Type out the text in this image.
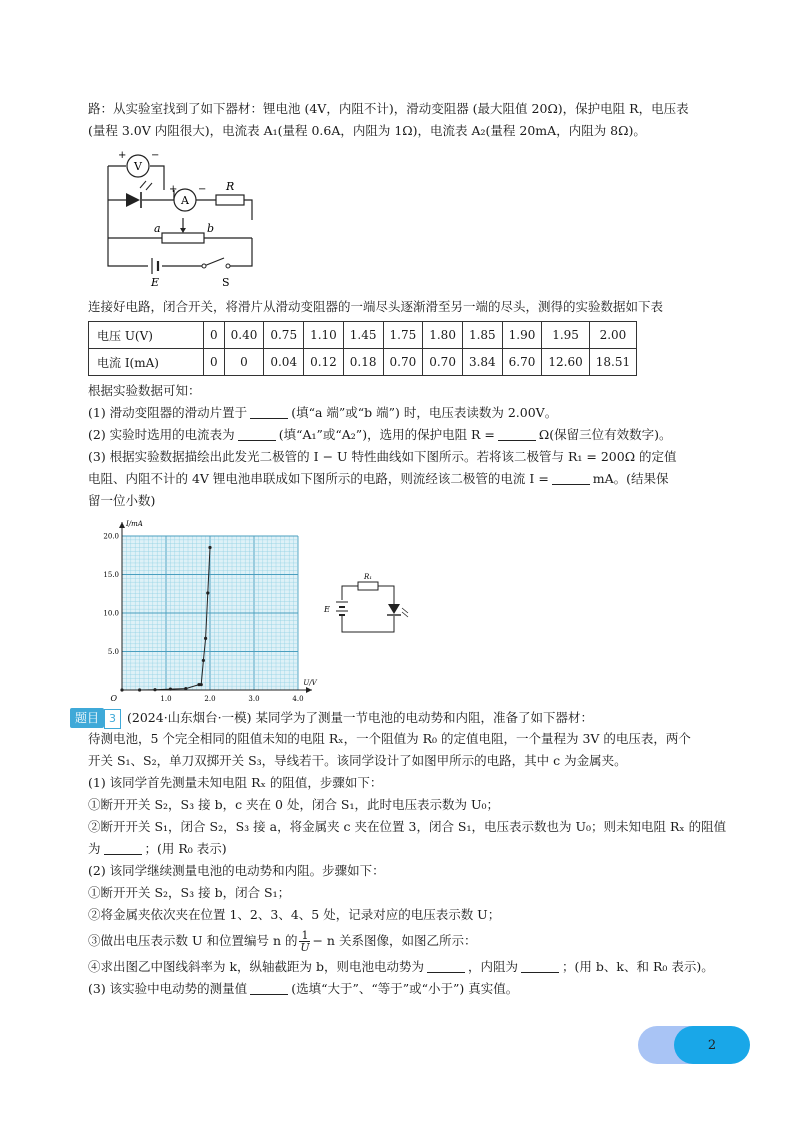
路：从实验室找到了如下器材：锂电池 (4V，内阻不计)，滑动变阻器 (最大阻值 20Ω)，保护电阻 R，电压表
(量程 3.0V 内阻很大)，电流表 A₁(量程 0.6A，内阻为 1Ω)，电流表 A₂(量程 20mA，内阻为 8Ω)。
V
+ −
A
+ − R
a	b
E	S
连接好电路，闭合开关，将滑片从滑动变阻器的一端尽头逐渐滑至另一端的尽头，测得的实验数据如下表
电压 U(V)	0	0.40	0.75	1.10	1.45	1.75	1.80	1.85	1.90	1.95	2.00
电流 I(mA)	0	0	0.04	0.12	0.18	0.70	0.70	3.84	6.70	12.60	18.51
根据实验数据可知：
(1) 滑动变阻器的滑动片置于	(填“a 端”或“b 端”) 时，电压表读数为 2.00V。
(2) 实验时选用的电流表为	(填“A₁”或“A₂”)，选用的保护电阻 R =	Ω(保留三位有效数字)。
(3) 根据实验数据描绘出此发光二极管的 I − U 特性曲线如下图所示。若将该二极管与 R₁ = 200Ω 的定值
电阻、内阻不计的 4V 锂电池串联成如下图所示的电路，则流经该二极管的电流 I =	mA。(结果保
留一位小数)
1.0	2.0	3.0	4.0
5.0
10.0
15.0
20.0
O
U/V
I/mA
R₁
E
题目 3 (2024·山东烟台·一模) 某同学为了测量一节电池的电动势和内阻，准备了如下器材：
待测电池，5 个完全相同的阻值未知的电阻 Rₓ，一个阻值为 R₀ 的定值电阻，一个量程为 3V 的电压表，两个
开关 S₁、S₂，单刀双掷开关 S₃，导线若干。该同学设计了如图甲所示的电路，其中 c 为金属夹。
(1) 该同学首先测量未知电阻 Rₓ 的阻值，步骤如下：
①断开开关 S₂，S₃ 接 b，c 夹在 0 处，闭合 S₁，此时电压表示数为 U₀；
②断开开关 S₁，闭合 S₂，S₃ 接 a，将金属夹 c 夹在位置 3，闭合 S₁，电压表示数也为 U₀；则未知电阻 Rₓ 的阻值
为	；(用 R₀ 表示)
(2) 该同学继续测量电池的电动势和内阻。步骤如下：
①断开开关 S₂，S₃ 接 b，闭合 S₁；
②将金属夹依次夹在位置 1、2、3、4、5 处，记录对应的电压表示数 U；
③做出电压表示数 U 和位置编号 n 的 $\frac{1}{U} - n$ 关系图像，如图乙所示：
④求出图乙中图线斜率为 k，纵轴截距为 b，则电池电动势为	，内阻为	；(用 b、k、和 R₀ 表示)。
(3) 该实验中电动势的测量值	(选填“大于”、“等于”或“小于”) 真实值。
2
